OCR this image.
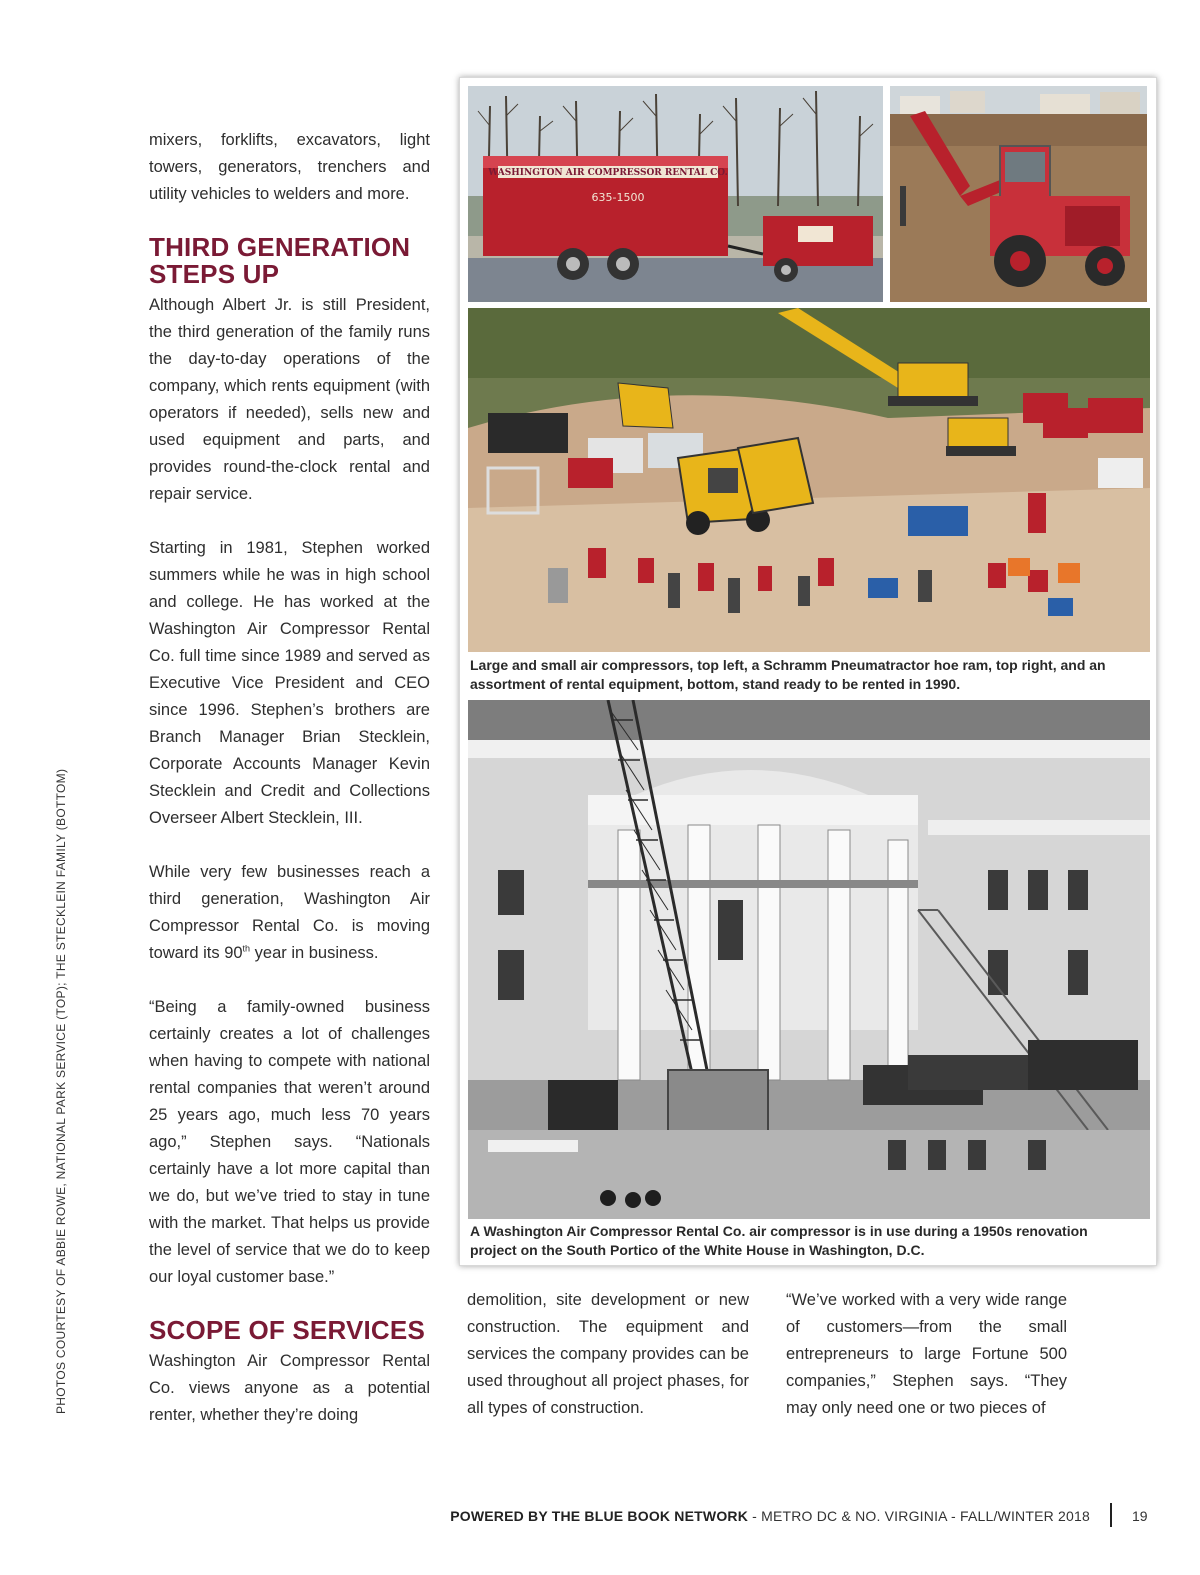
mixers, forklifts, excavators, light towers, generators, trenchers and utility vehicles to welders and more.

THIRD GENERATION STEPS UP

Although Albert Jr. is still President, the third generation of the family runs the day-to-day operations of the company, which rents equipment (with operators if needed), sells new and used equipment and parts, and provides round-the-clock rental and repair service.

Starting in 1981, Stephen worked summers while he was in high school and college. He has worked at the Washington Air Compressor Rental Co. full time since 1989 and served as Executive Vice President and CEO since 1996. Stephen’s brothers are Branch Manager Brian Stecklein, Corporate Accounts Manager Kevin Stecklein and Credit and Collections Overseer Albert Stecklein, III.

While very few businesses reach a third generation, Washington Air Compressor Rental Co. is moving toward its 90th year in business.

“Being a family-owned business certainly creates a lot of challenges when having to compete with national rental companies that weren’t around 25 years ago, much less 70 years ago,” Stephen says. “Nationals certainly have a lot more capital than we do, but we’ve tried to stay in tune with the market. That helps us provide the level of service that we do to keep our loyal customer base.”

SCOPE OF SERVICES

Washington Air Compressor Rental Co. views anyone as a potential renter, whether they’re doing

demolition, site development or new construction. The equipment and services the company provides can be used throughout all project phases, for all types of construction.

“We’ve worked with a very wide range of customers—from the small entrepreneurs to large Fortune 500 companies,” Stephen says. “They may only need one or two pieces of

WASHINGTON AIR COMPRESSOR RENTAL CO.
635-1500
Large and small air compressors, top left, a Schramm Pneumatractor hoe ram, top right, and an assortment of rental equipment, bottom, stand ready to be rented in 1990.
A Washington Air Compressor Rental Co. air compressor is in use during a 1950s renovation project on the South Portico of the White House in Washington, D.C.
PHOTOS COURTESY OF ABBIE ROWE, NATIONAL PARK SERVICE (TOP); THE STECKLEIN FAMILY (BOTTOM)
POWERED BY THE BLUE BOOK NETWORK - METRO DC & NO. VIRGINIA - FALL/WINTER 2018	19
